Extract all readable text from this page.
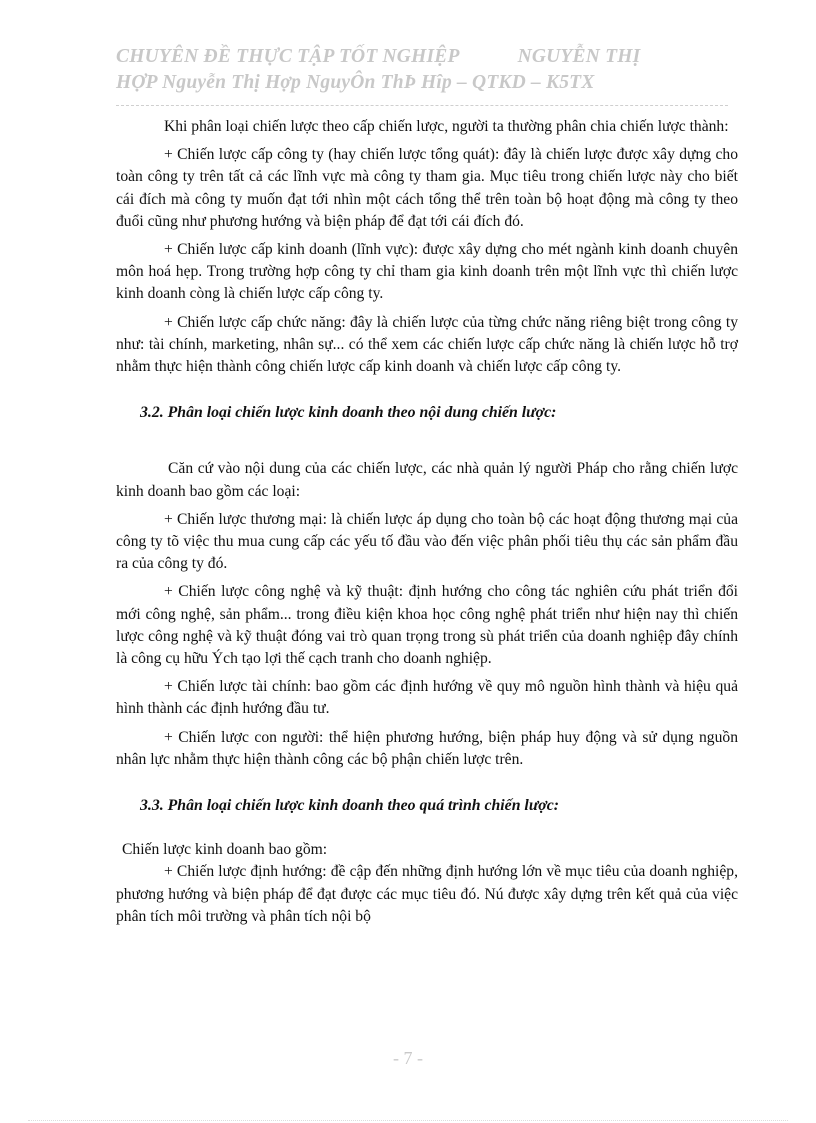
CHUYÊN ĐỀ THỰC TẬP TỐT NGHIỆP	NGUYỄN THỊ
HỢP Nguyễn Thị Hợp NguyÔn ThÞ Hîp – QTKD – K5TX

Khi phân loại chiến lược theo cấp chiến lược, người ta thường phân chia chiến lược thành:

+ Chiến lược cấp công ty (hay chiến lược tổng quát): đây là chiến lược được xây dựng cho toàn công ty trên tất cả các lĩnh vực mà công ty tham gia. Mục tiêu trong chiến lược này cho biết cái đích mà công ty muốn đạt tới nhìn một cách tổng thể trên toàn bộ hoạt động mà công ty theo đuổi cũng như phương hướng và biện pháp để đạt tới cái đích đó.

+ Chiến lược cấp kinh doanh (lĩnh vực): được xây dựng cho mét ngành kinh doanh chuyên môn hoá hẹp. Trong trường hợp công ty chỉ tham gia kinh doanh trên một lĩnh vực thì chiến lược kinh doanh còng là chiến lược cấp công ty.

+ Chiến lược cấp chức năng: đây là chiến lược của từng chức năng riêng biệt trong công ty như: tài chính, marketing, nhân sự... có thể xem các chiến lược cấp chức năng là chiến lược hỗ trợ nhằm thực hiện thành công chiến lược cấp kinh doanh và chiến lược cấp công ty.

3.2. Phân loại chiến lược kinh doanh theo nội dung chiến lược:

Căn cứ vào nội dung của các chiến lược, các nhà quản lý người Pháp cho rằng chiến lược kinh doanh bao gồm các loại:

+ Chiến lược thương mại: là chiến lược áp dụng cho toàn bộ các hoạt động thương mại của công ty tõ việc thu mua cung cấp các yếu tố đầu vào đến việc phân phối tiêu thụ các sản phẩm đầu ra của công ty đó.

+ Chiến lược công nghệ và kỹ thuật: định hướng cho công tác nghiên cứu phát triển đổi mới công nghệ, sản phẩm... trong điều kiện khoa học công nghệ phát triển như hiện nay thì chiến lược công nghệ và kỹ thuật đóng vai trò quan trọng trong sù phát triển của doanh nghiệp đây chính là công cụ hữu Ých tạo lợi thế cạch tranh cho doanh nghiệp.

+ Chiến lược tài chính: bao gồm các định hướng về quy mô nguồn hình thành và hiệu quả hình thành các định hướng đầu tư.

+ Chiến lược con người: thể hiện phương hướng, biện pháp huy động và sử dụng nguồn nhân lực nhằm thực hiện thành công các bộ phận chiến lược trên.

3.3. Phân loại chiến lược kinh doanh theo quá trình chiến lược:

Chiến lược kinh doanh bao gồm:

+ Chiến lược định hướng: đề cập đến những định hướng lớn về mục tiêu của doanh nghiệp, phương hướng và biện pháp để đạt được các mục tiêu đó. Nú được xây dựng trên kết quả của việc phân tích môi trường và phân tích nội bộ

- 7 -
